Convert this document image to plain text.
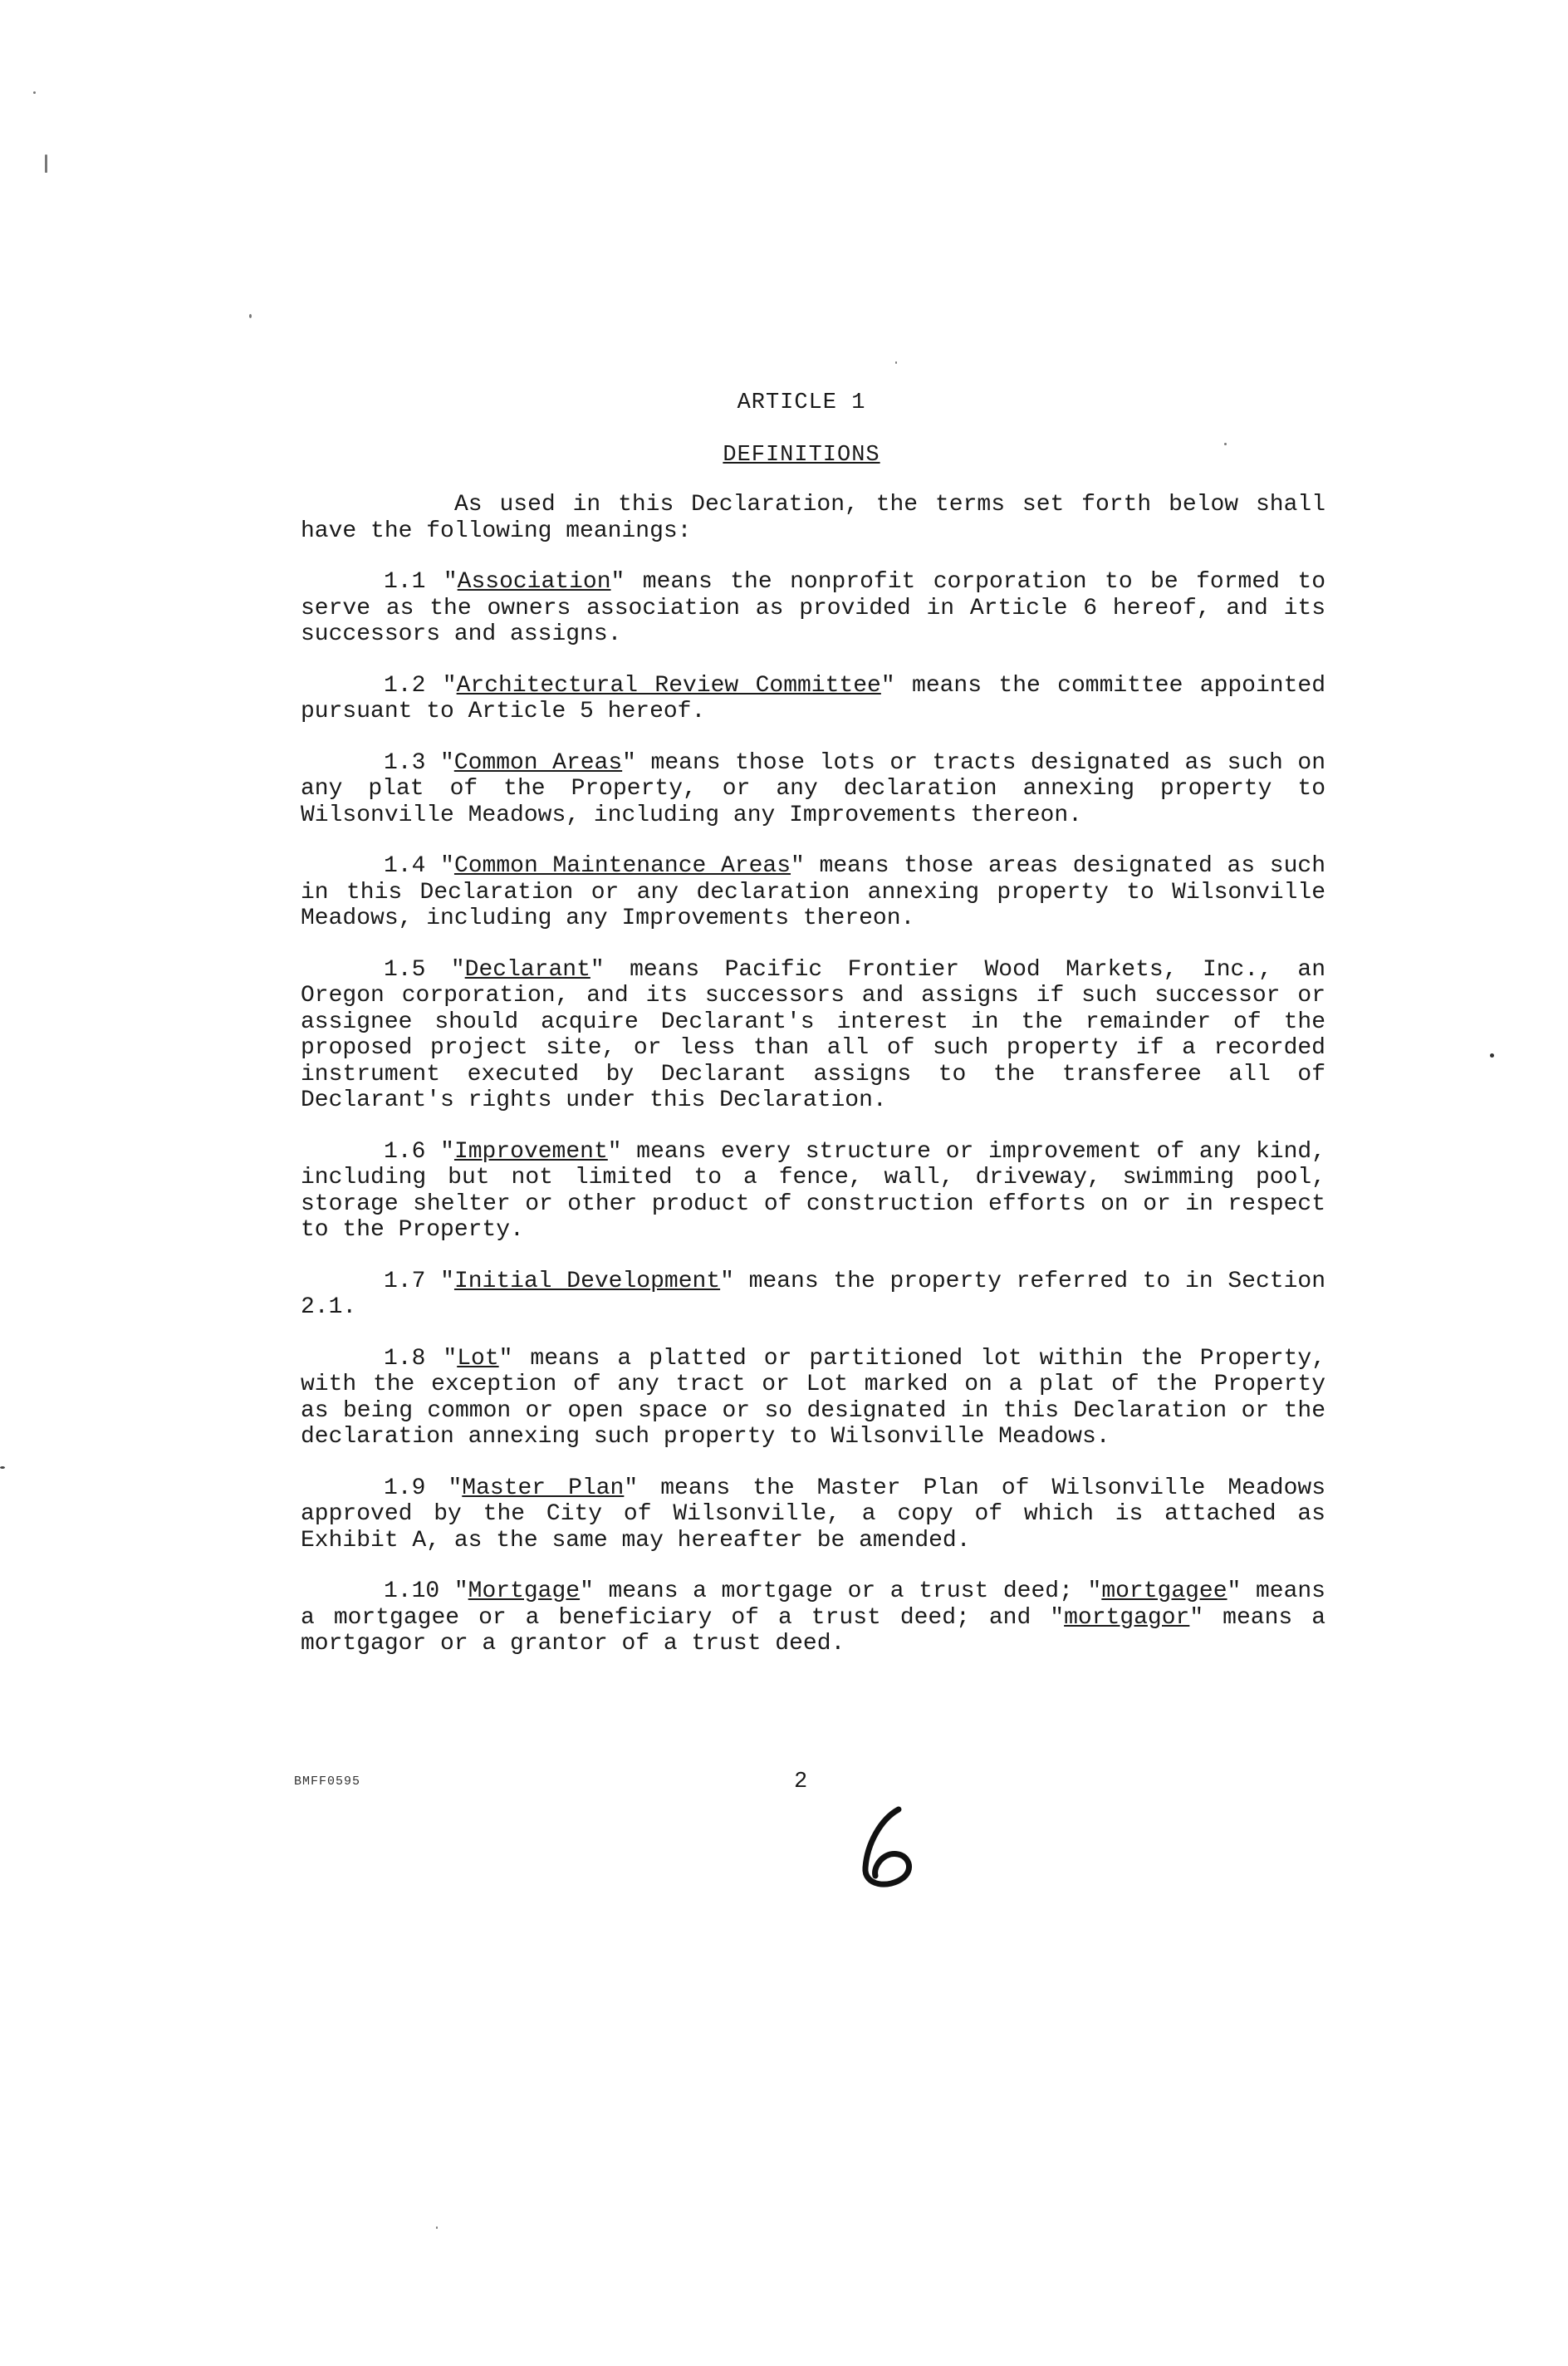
ARTICLE 1
DEFINITIONS

As used in this Declaration, the terms set forth below shall have the following meanings:

1.1 "Association" means the nonprofit corporation to be formed to serve as the owners association as provided in Article 6 hereof, and its successors and assigns.

1.2 "Architectural Review Committee" means the committee appointed pursuant to Article 5 hereof.

1.3 "Common Areas" means those lots or tracts designated as such on any plat of the Property, or any declaration annexing property to Wilsonville Meadows, including any Improvements thereon.

1.4 "Common Maintenance Areas" means those areas designated as such in this Declaration or any declaration annexing property to Wilsonville Meadows, including any Improvements thereon.

1.5 "Declarant" means Pacific Frontier Wood Markets, Inc., an Oregon corporation, and its successors and assigns if such successor or assignee should acquire Declarant's interest in the remainder of the proposed project site, or less than all of such property if a recorded instrument executed by Declarant assigns to the transferee all of Declarant's rights under this Declaration.

1.6 "Improvement" means every structure or improvement of any kind, including but not limited to a fence, wall, driveway, swimming pool, storage shelter or other product of construction efforts on or in respect to the Property.

1.7 "Initial Development" means the property referred to in Section 2.1.

1.8 "Lot" means a platted or partitioned lot within the Property, with the exception of any tract or Lot marked on a plat of the Property as being common or open space or so designated in this Declaration or the declaration annexing such property to Wilsonville Meadows.

1.9 "Master Plan" means the Master Plan of Wilsonville Meadows approved by the City of Wilsonville, a copy of which is attached as Exhibit A, as the same may hereafter be amended.

1.10 "Mortgage" means a mortgage or a trust deed; "mortgagee" means a mortgagee or a beneficiary of a trust deed; and "mortgagor" means a mortgagor or a grantor of a trust deed.

BMFF0595	2
